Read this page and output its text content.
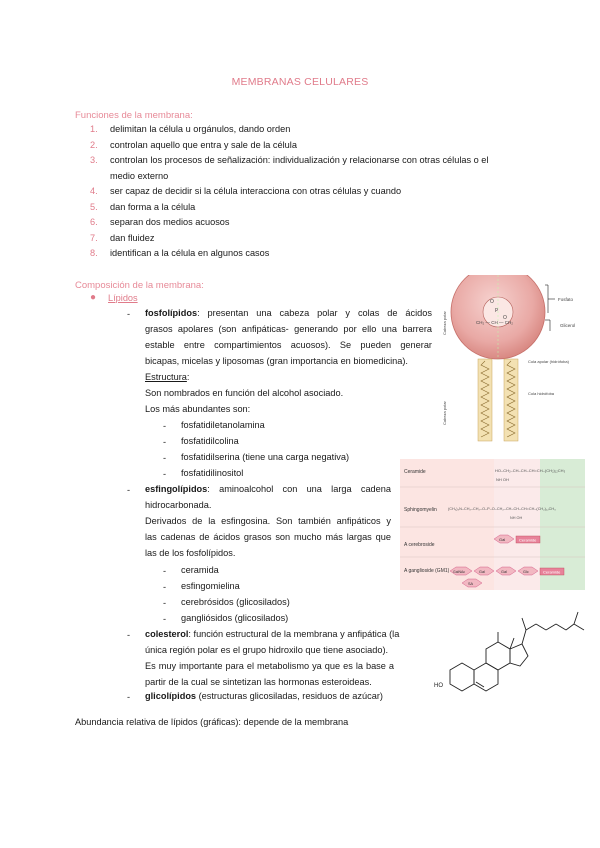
MEMBRANAS CELULARES
Funciones de la membrana:
1. delimitan la célula u orgánulos, dando orden
2. controlan aquello que entra y sale de la célula
3. controlan los procesos de señalización: individualización y relacionarse con otras células o el
medio externo
4. ser capaz de decidir si la célula interacciona con otras células y cuando
5. dan forma a la célula
6. separan dos medios acuosos
7. dan fluidez
8. identifican a la célula en algunos casos
Composición de la membrana:
● Lípidos
- fosfolípidos: presentan una cabeza polar y colas de ácidos
grasos apolares (son anfipáticas- generando por ello una barrera
estable entre compartimientos acuosos). Se pueden generar
bicapas, micelas y liposomas (gran importancia en biomedicina).
Estructura:
Son nombrados en función del alcohol asociado.
Los más abundantes son:
- fosfatidiletanolamina
- fosfatidilcolina
- fosfatidilserina (tiene una carga negativa)
- fosfatidilinositol
- esfingolípidos: aminoalcohol con una larga cadena
hidrocarbonada.
Derivados de la esfingosina. Son también anfipáticos y
las cadenas de ácidos grasos son mucho más largas que
las de los fosfolípidos.
- ceramida
- esfingomielina
- cerebrósidos (glicosilados)
- gangliósidos (glicosilados)
- colesterol: función estructural de la membrana y anfipática (la
única región polar es el grupo hidroxilo que tiene asociado).
Es muy importante para el metabolismo ya que es la base a
partir de la cual se sintetizan las hormonas esteroideas.
- glicolípidos (estructuras glicosiladas, residuos de azúcar)
Abundancia relativa de lípidos (gráficas): depende de la membrana
O
P
O
CH₂ — CH — CH₂
Fosfato
Glicerol
Cola apolar (hidrófoba)
Cola hidrófoba
Cabeza polar
Cabeza polar
Ceramide
Sphingomyelin
A cerebroside
A ganglioside (GM1)
HO–CH₂–CH–CH–CH=CH–(CH₂)₁₂CH₃
NH OH
(CH₃)₃N–CH₂–CH₂–O–P–O–CH₂–CH–CH–CH=CH–(CH₂)₁₂CH₃
NH OH
Gal	Ceramide
GalNAc	Gal	Gal	Glc	Ceramide
SA
HO
